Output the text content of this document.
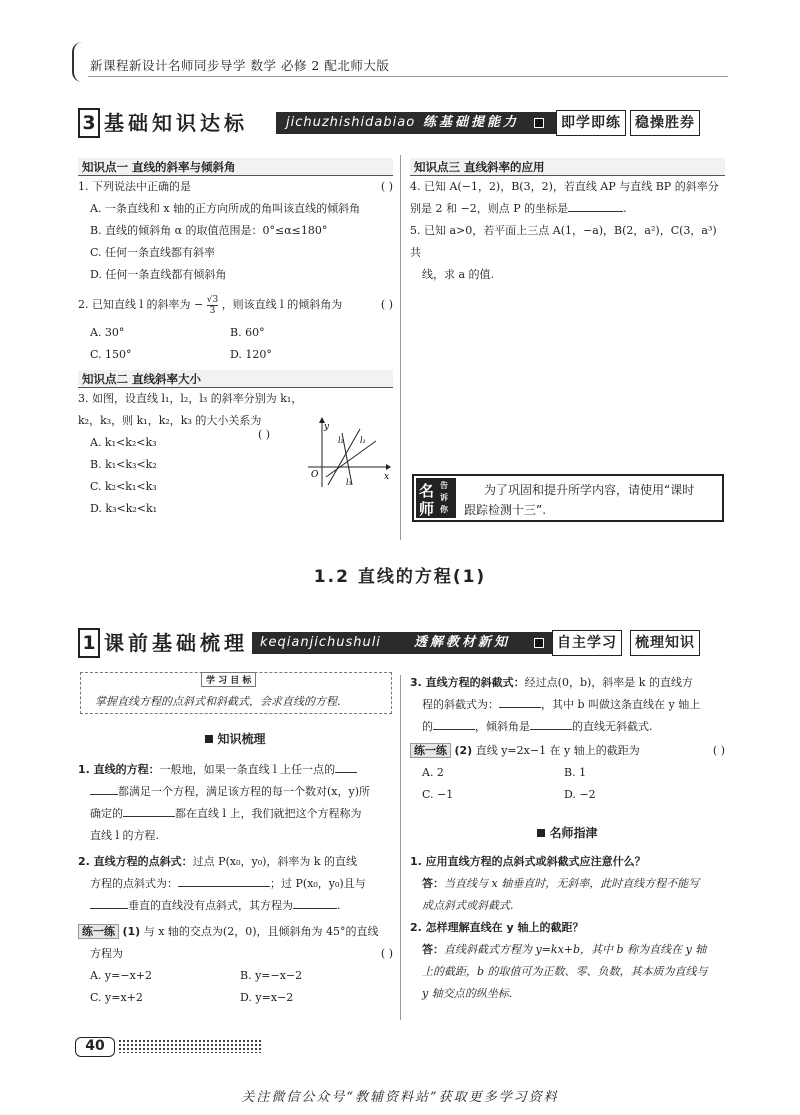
新课程新设计名师同步导学 数学 必修 2 配北师大版
3 基础知识达标	jichuzhishidabiao 练基础提能力	即学即练	稳操胜券
知识点一 直线的斜率与倾斜角
1. 下列说法中正确的是	( )
A. 一条直线和 x 轴的正方向所成的角叫该直线的倾斜角
B. 直线的倾斜角 α 的取值范围是：0°≤α≤180°
C. 任何一条直线都有斜率
D. 任何一条直线都有倾斜角
2. 已知直线 l 的斜率为 − $\frac{√3}{3}$ ，则该直线 l 的倾斜角为	( )
A. 30°	B. 60°
C. 150°	D. 120°
知识点二 直线斜率大小
3. 如图，设直线 l₁，l₂，l₃ 的斜率分别为 k₁，
k₂，k₃，则 k₁，k₂，k₃ 的大小关系为
A. k₁<k₂<k₃
B. k₁<k₃<k₂
C. k₂<k₁<k₃
D. k₃<k₂<k₁
( )
y
x
O
l₁
l₂
l₃
知识点三 直线斜率的应用
4. 已知 A(−1，2)，B(3，2)，若直线 AP 与直线 BP 的斜率分
别是 2 和 −2，则点 P 的坐标是	.
5. 已知 a>0，若平面上三点 A(1，−a)，B(2，a²)，C(3，a³)共
线，求 a 的值.
名
师
告诉你
为了巩固和提升所学内容，请使用“课时
跟踪检测十三”.
1.2 直线的方程(1)
1 课前基础梳理 keqianjichushuli	透解教材新知	自主学习	梳理知识
学 习 目 标
掌握直线方程的点斜式和斜截式，会求直线的方程.
知识梳理
1. 直线的方程：一般地，如果一条直线 l 上任一点的
都满足一个方程，满足该方程的每一个数对(x，y)所
确定的	都在直线 l 上，我们就把这个方程称为
直线 l 的方程.
2. 直线方程的点斜式：过点 P(x₀，y₀)，斜率为 k 的直线
方程的点斜式为：	；过 P(x₀，y₀)且与
垂直的直线没有点斜式，其方程为	.
练一练 (1) 与 x 轴的交点为(2，0)，且倾斜角为 45°的直线
方程为	( )
A. y=−x+2	B. y=−x−2
C. y=x+2	D. y=x−2
3. 直线方程的斜截式：经过点(0，b)，斜率是 k 的直线方
程的斜截式为：	，其中 b 叫做这条直线在 y 轴上
的	，倾斜角是	的直线无斜截式.
练一练 (2) 直线 y=2x−1 在 y 轴上的截距为	( )
A. 2	B. 1
C. −1	D. −2
名师指津
1. 应用直线方程的点斜式或斜截式应注意什么？
答：当直线与 x 轴垂直时，无斜率，此时直线方程不能写
成点斜式或斜截式.
2. 怎样理解直线在 y 轴上的截距？
答：直线斜截式方程为 y=kx+b，其中 b 称为直线在 y 轴
上的截距，b 的取值可为正数、零、负数，其本质为直线与
y 轴交点的纵坐标.
40
关注微信公众号“教辅资料站”获取更多学习资料
